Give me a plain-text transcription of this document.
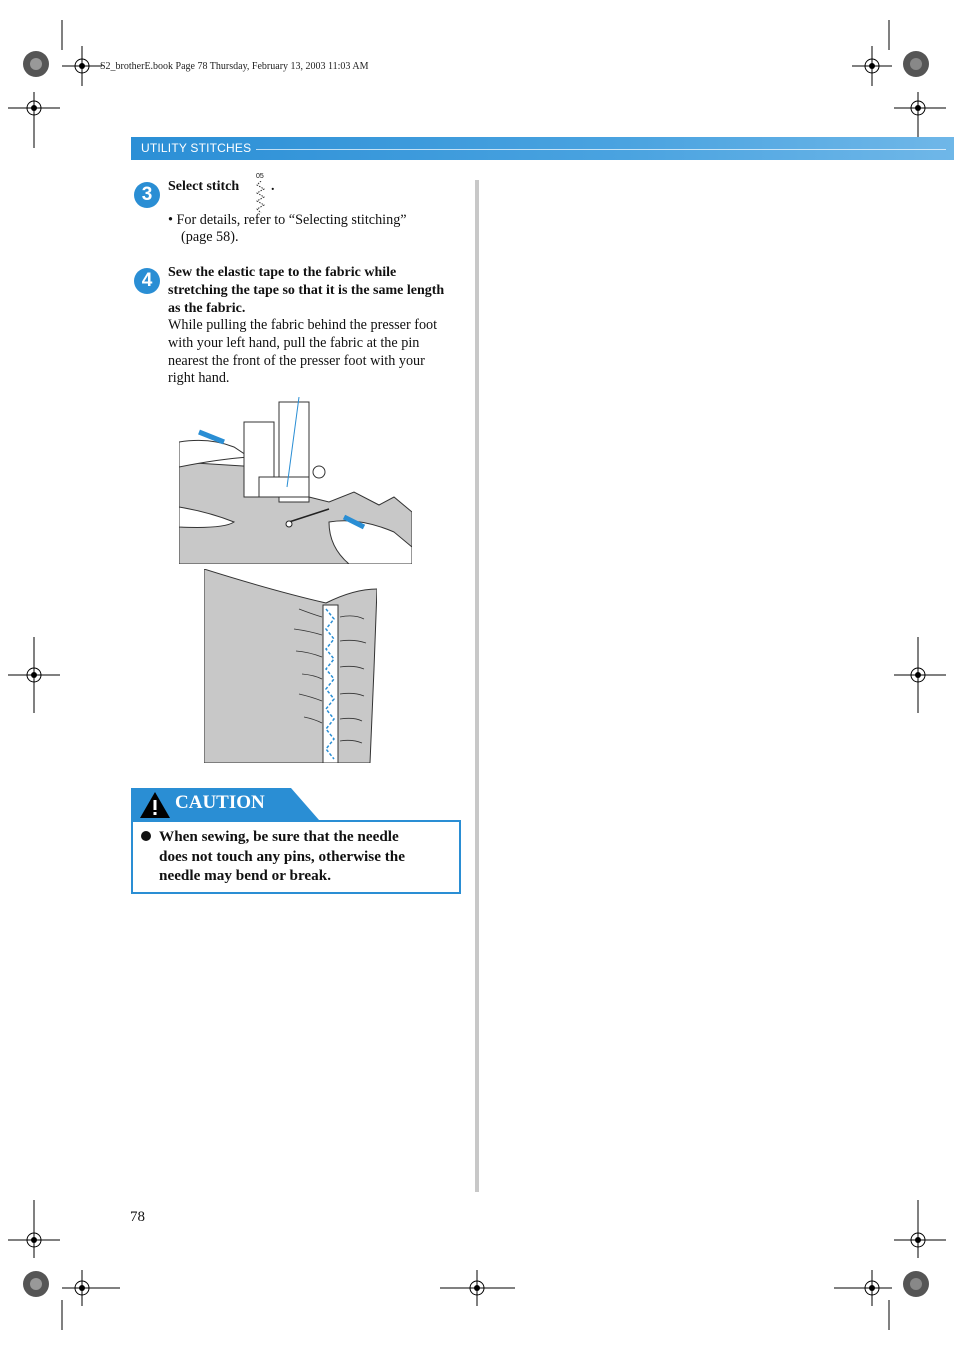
S2_brotherE.book Page 78 Thursday, February 13, 2003 11:03 AM
UTILITY STITCHES
3	Select stitch
05
.
• For details, refer to “Selecting stitching”
(page 58).
4	Sew the elastic tape to the fabric while
stretching the tape so that it is the same length
as the fabric.
While pulling the fabric behind the presser foot
with your left hand, pull the fabric at the pin
nearest the front of the presser foot with your
right hand.
CAUTION
When sewing, be sure that the needle
does not touch any pins, otherwise the
needle may bend or break.
78
